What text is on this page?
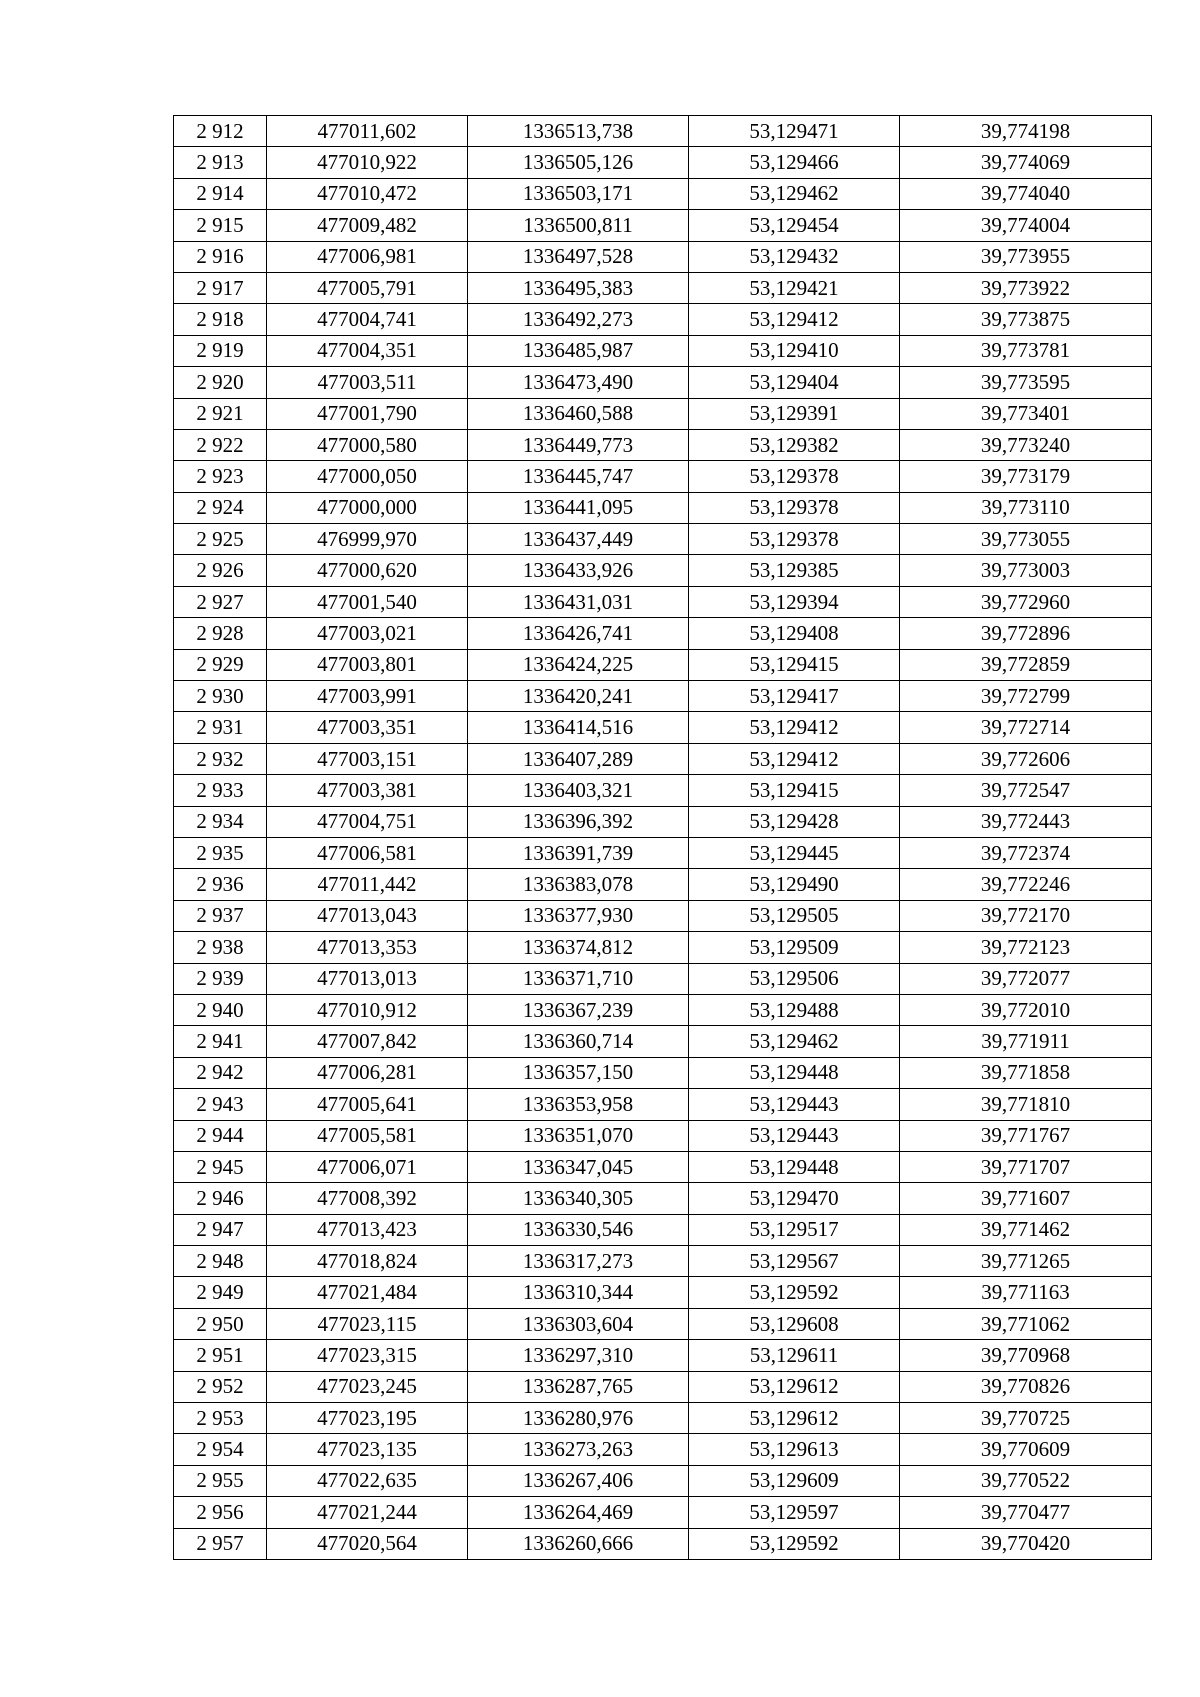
2 912	477011,602	1336513,738	53,129471	39,774198
2 913	477010,922	1336505,126	53,129466	39,774069
2 914	477010,472	1336503,171	53,129462	39,774040
2 915	477009,482	1336500,811	53,129454	39,774004
2 916	477006,981	1336497,528	53,129432	39,773955
2 917	477005,791	1336495,383	53,129421	39,773922
2 918	477004,741	1336492,273	53,129412	39,773875
2 919	477004,351	1336485,987	53,129410	39,773781
2 920	477003,511	1336473,490	53,129404	39,773595
2 921	477001,790	1336460,588	53,129391	39,773401
2 922	477000,580	1336449,773	53,129382	39,773240
2 923	477000,050	1336445,747	53,129378	39,773179
2 924	477000,000	1336441,095	53,129378	39,773110
2 925	476999,970	1336437,449	53,129378	39,773055
2 926	477000,620	1336433,926	53,129385	39,773003
2 927	477001,540	1336431,031	53,129394	39,772960
2 928	477003,021	1336426,741	53,129408	39,772896
2 929	477003,801	1336424,225	53,129415	39,772859
2 930	477003,991	1336420,241	53,129417	39,772799
2 931	477003,351	1336414,516	53,129412	39,772714
2 932	477003,151	1336407,289	53,129412	39,772606
2 933	477003,381	1336403,321	53,129415	39,772547
2 934	477004,751	1336396,392	53,129428	39,772443
2 935	477006,581	1336391,739	53,129445	39,772374
2 936	477011,442	1336383,078	53,129490	39,772246
2 937	477013,043	1336377,930	53,129505	39,772170
2 938	477013,353	1336374,812	53,129509	39,772123
2 939	477013,013	1336371,710	53,129506	39,772077
2 940	477010,912	1336367,239	53,129488	39,772010
2 941	477007,842	1336360,714	53,129462	39,771911
2 942	477006,281	1336357,150	53,129448	39,771858
2 943	477005,641	1336353,958	53,129443	39,771810
2 944	477005,581	1336351,070	53,129443	39,771767
2 945	477006,071	1336347,045	53,129448	39,771707
2 946	477008,392	1336340,305	53,129470	39,771607
2 947	477013,423	1336330,546	53,129517	39,771462
2 948	477018,824	1336317,273	53,129567	39,771265
2 949	477021,484	1336310,344	53,129592	39,771163
2 950	477023,115	1336303,604	53,129608	39,771062
2 951	477023,315	1336297,310	53,129611	39,770968
2 952	477023,245	1336287,765	53,129612	39,770826
2 953	477023,195	1336280,976	53,129612	39,770725
2 954	477023,135	1336273,263	53,129613	39,770609
2 955	477022,635	1336267,406	53,129609	39,770522
2 956	477021,244	1336264,469	53,129597	39,770477
2 957	477020,564	1336260,666	53,129592	39,770420
